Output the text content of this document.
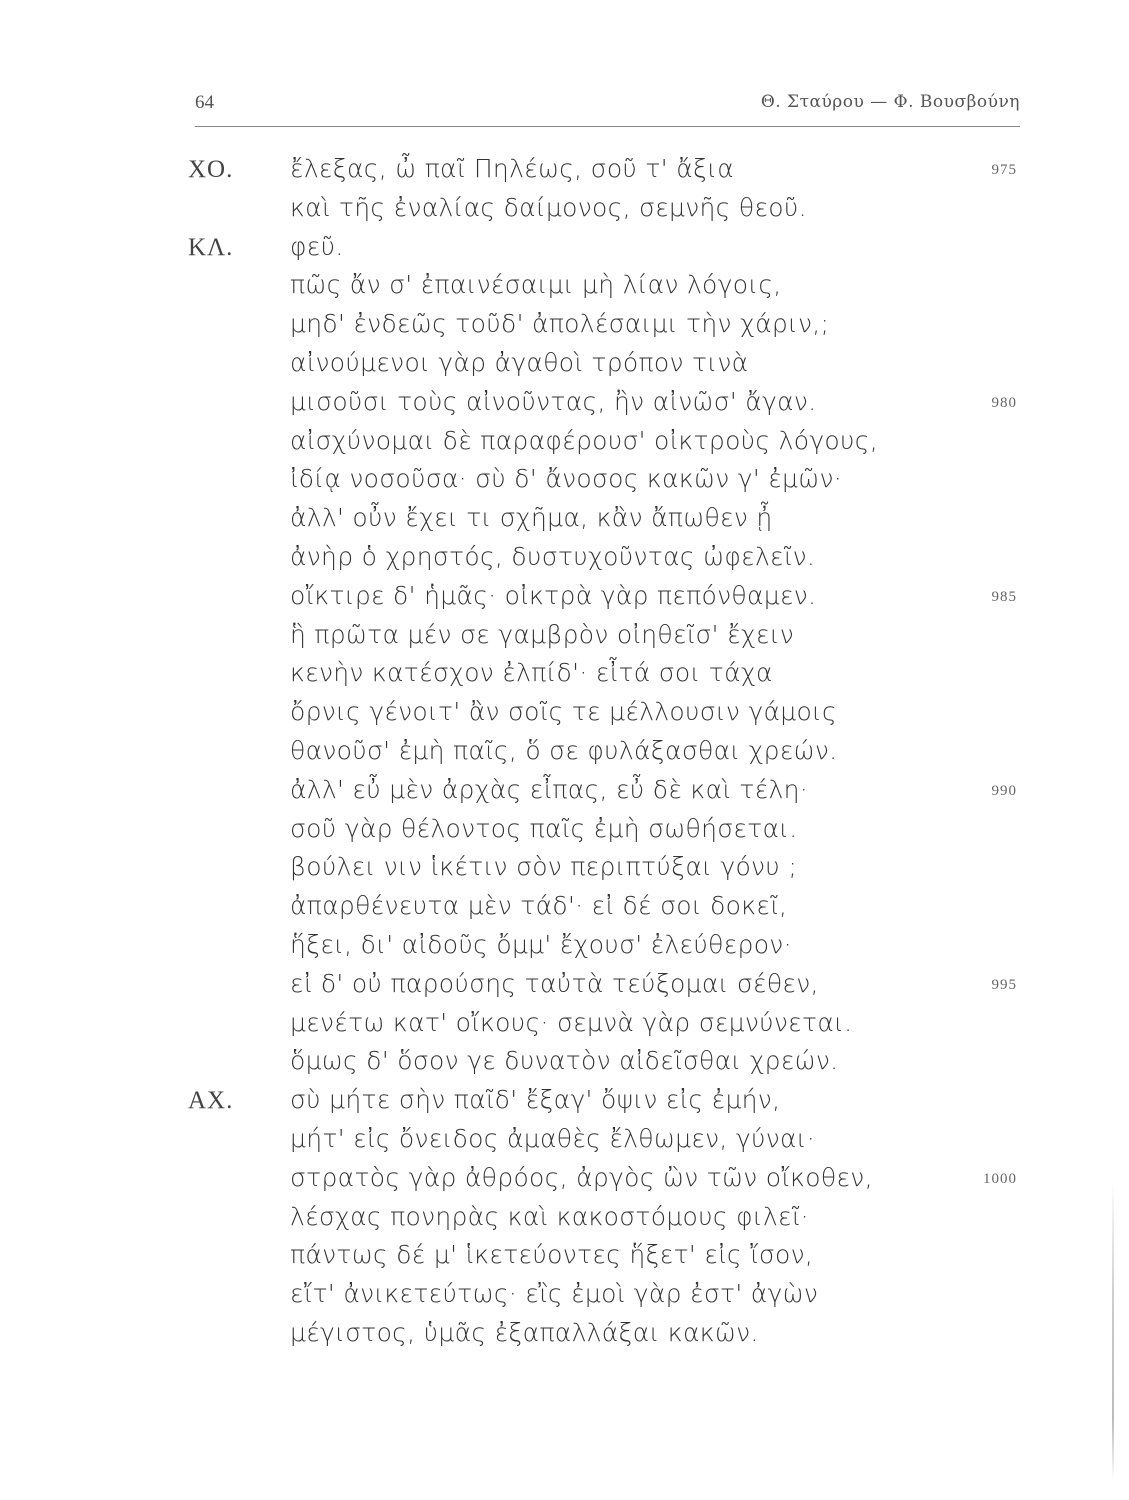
64	Θ. Σταύρου — Φ. Βουσβούνη
ΧΟ. ἔλεξας, ὦ παῖ Πηλέως, σοῦ τ' ἄξια	975
καὶ τῆς ἐναλίας δαίμονος, σεμνῆς θεοῦ.
ΚΛ. φεῦ.
πῶς ἄν σ' ἐπαινέσαιμι μὴ λίαν λόγοις,
μηδ' ἐνδεῶς τοῦδ' ἀπολέσαιμι τὴν χάριν,;
αἰνούμενοι γὰρ ἀγαθοὶ τρόπον τινὰ
μισοῦσι τοὺς αἰνοῦντας, ἢν αἰνῶσ' ἄγαν.	980
αἰσχύνομαι δὲ παραφέρουσ' οἰκτροὺς λόγους,
ἰδίᾳ νοσοῦσα· σὺ δ' ἄνοσος κακῶν γ' ἐμῶν·
ἀλλ' οὖν ἔχει τι σχῆμα, κἂν ἄπωθεν ᾖ
ἀνὴρ ὁ χρηστός, δυστυχοῦντας ὠφελεῖν.
οἴκτιρε δ' ἡμᾶς· οἰκτρὰ γὰρ πεπόνθαμεν.	985
ἣ πρῶτα μέν σε γαμβρὸν οἰηθεῖσ' ἔχειν
κενὴν κατέσχον ἐλπίδ'· εἶτά σοι τάχα
ὄρνις γένοιτ' ἂν σοῖς τε μέλλουσιν γάμοις
θανοῦσ' ἐμὴ παῖς, ὅ σε φυλάξασθαι χρεών.
ἀλλ' εὖ μὲν ἀρχὰς εἶπας, εὖ δὲ καὶ τέλη·	990
σοῦ γὰρ θέλοντος παῖς ἐμὴ σωθήσεται.
βούλει νιν ἱκέτιν σὸν περιπτύξαι γόνυ ;
ἀπαρθένευτα μὲν τάδ'· εἰ δέ σοι δοκεῖ,
ἥξει, δι' αἰδοῦς ὄμμ' ἔχουσ' ἐλεύθερον·
εἰ δ' οὐ παρούσης ταὐτὰ τεύξομαι σέθεν,	995
μενέτω κατ' οἴκους· σεμνὰ γὰρ σεμνύνεται.
ὅμως δ' ὅσον γε δυνατὸν αἰδεῖσθαι χρεών.
ΑΧ. σὺ μήτε σὴν παῖδ' ἔξαγ' ὄψιν εἰς ἐμήν,
μήτ' εἰς ὄνειδος ἀμαθὲς ἔλθωμεν, γύναι·
στρατὸς γὰρ ἀθρόος, ἀργὸς ὢν τῶν οἴκοθεν,	1000
λέσχας πονηρὰς καὶ κακοστόμους φιλεῖ·
πάντως δέ μ' ἱκετεύοντες ἥξετ' εἰς ἴσον,
εἴτ' ἀνικετεύτως· εἲς ἐμοὶ γὰρ ἐστ' ἀγὼν
μέγιστος, ὑμᾶς ἐξαπαλλάξαι κακῶν.
